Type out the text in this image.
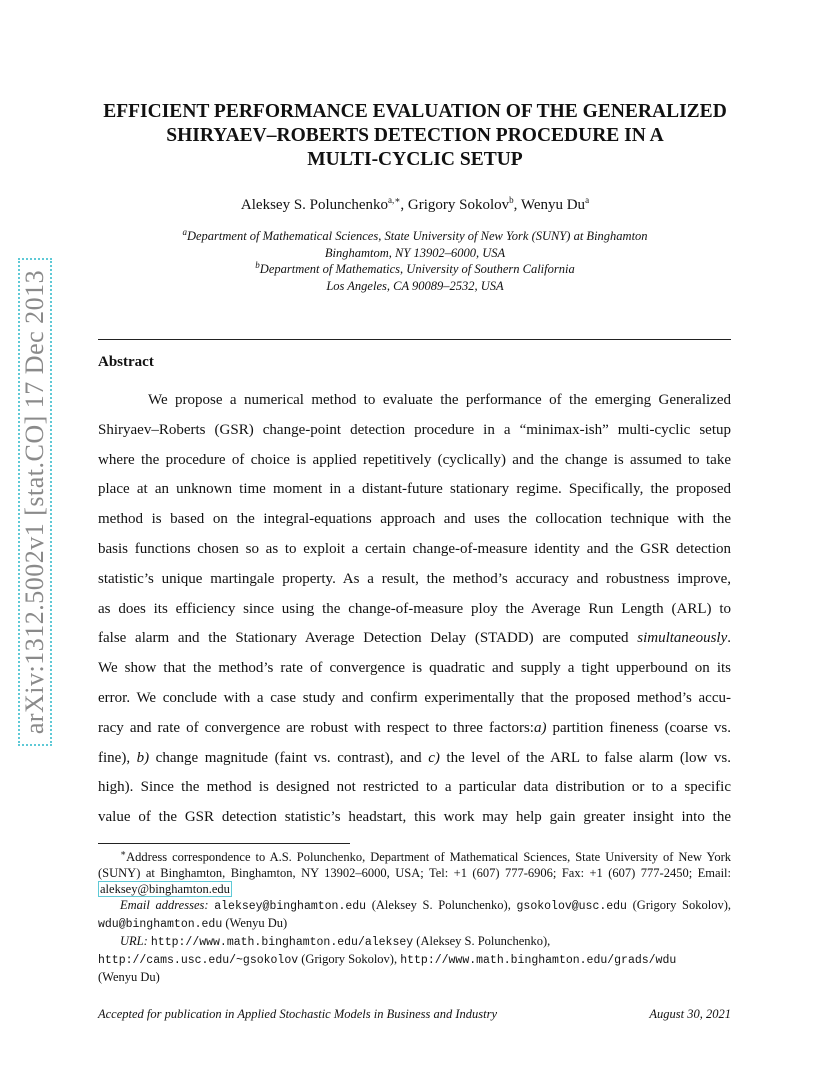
arXiv:1312.5002v1 [stat.CO] 17 Dec 2013
EFFICIENT PERFORMANCE EVALUATION OF THE GENERALIZED
SHIRYAEV–ROBERTS DETECTION PROCEDURE IN A
MULTI-CYCLIC SETUP
Aleksey S. Polunchenko$^{a,∗}$, Grigory Sokolov$^b$, Wenyu Du$^a$
$^a$Department of Mathematical Sciences, State University of New York (SUNY) at Binghamton
Binghamtom, NY 13902–6000, USA
$^b$Department of Mathematics, University of Southern California
Los Angeles, CA 90089–2532, USA
Abstract
We propose a numerical method to evaluate the performance of the emerging Generalized
Shiryaev–Roberts (GSR) change-point detection procedure in a “minimax-ish” multi-cyclic setup
where the procedure of choice is applied repetitively (cyclically) and the change is assumed to take
place at an unknown time moment in a distant-future stationary regime. Specifically, the proposed
method is based on the integral-equations approach and uses the collocation technique with the
basis functions chosen so as to exploit a certain change-of-measure identity and the GSR detection
statistic’s unique martingale property. As a result, the method’s accuracy and robustness improve,
as does its efficiency since using the change-of-measure ploy the Average Run Length (ARL) to
false alarm and the Stationary Average Detection Delay (STADD) are computed simultaneously.
We show that the method’s rate of convergence is quadratic and supply a tight upperbound on its
error. We conclude with a case study and confirm experimentally that the proposed method’s accu-
racy and rate of convergence are robust with respect to three factors:a) partition fineness (coarse vs.
fine), b) change magnitude (faint vs. contrast), and c) the level of the ARL to false alarm (low vs.
high). Since the method is designed not restricted to a particular data distribution or to a specific
value of the GSR detection statistic’s headstart, this work may help gain greater insight into the

∗Address correspondence to A.S. Polunchenko, Department of Mathematical Sciences, State University of New York (SUNY) at Binghamton, Binghamton, NY 13902–6000, USA; Tel: +1 (607) 777-6906; Fax: +1 (607) 777-2450; Email: aleksey@binghamton.edu

Email addresses: aleksey@binghamton.edu (Aleksey S. Polunchenko), gsokolov@usc.edu (Grigory Sokolov), wdu@binghamton.edu (Wenyu Du)

URL: http://www.math.binghamton.edu/aleksey (Aleksey S. Polunchenko),

http://cams.usc.edu/~gsokolov (Grigory Sokolov), http://www.math.binghamton.edu/grads/wdu

(Wenyu Du)

Accepted for publication in Applied Stochastic Models in Business and Industry	August 30, 2021
